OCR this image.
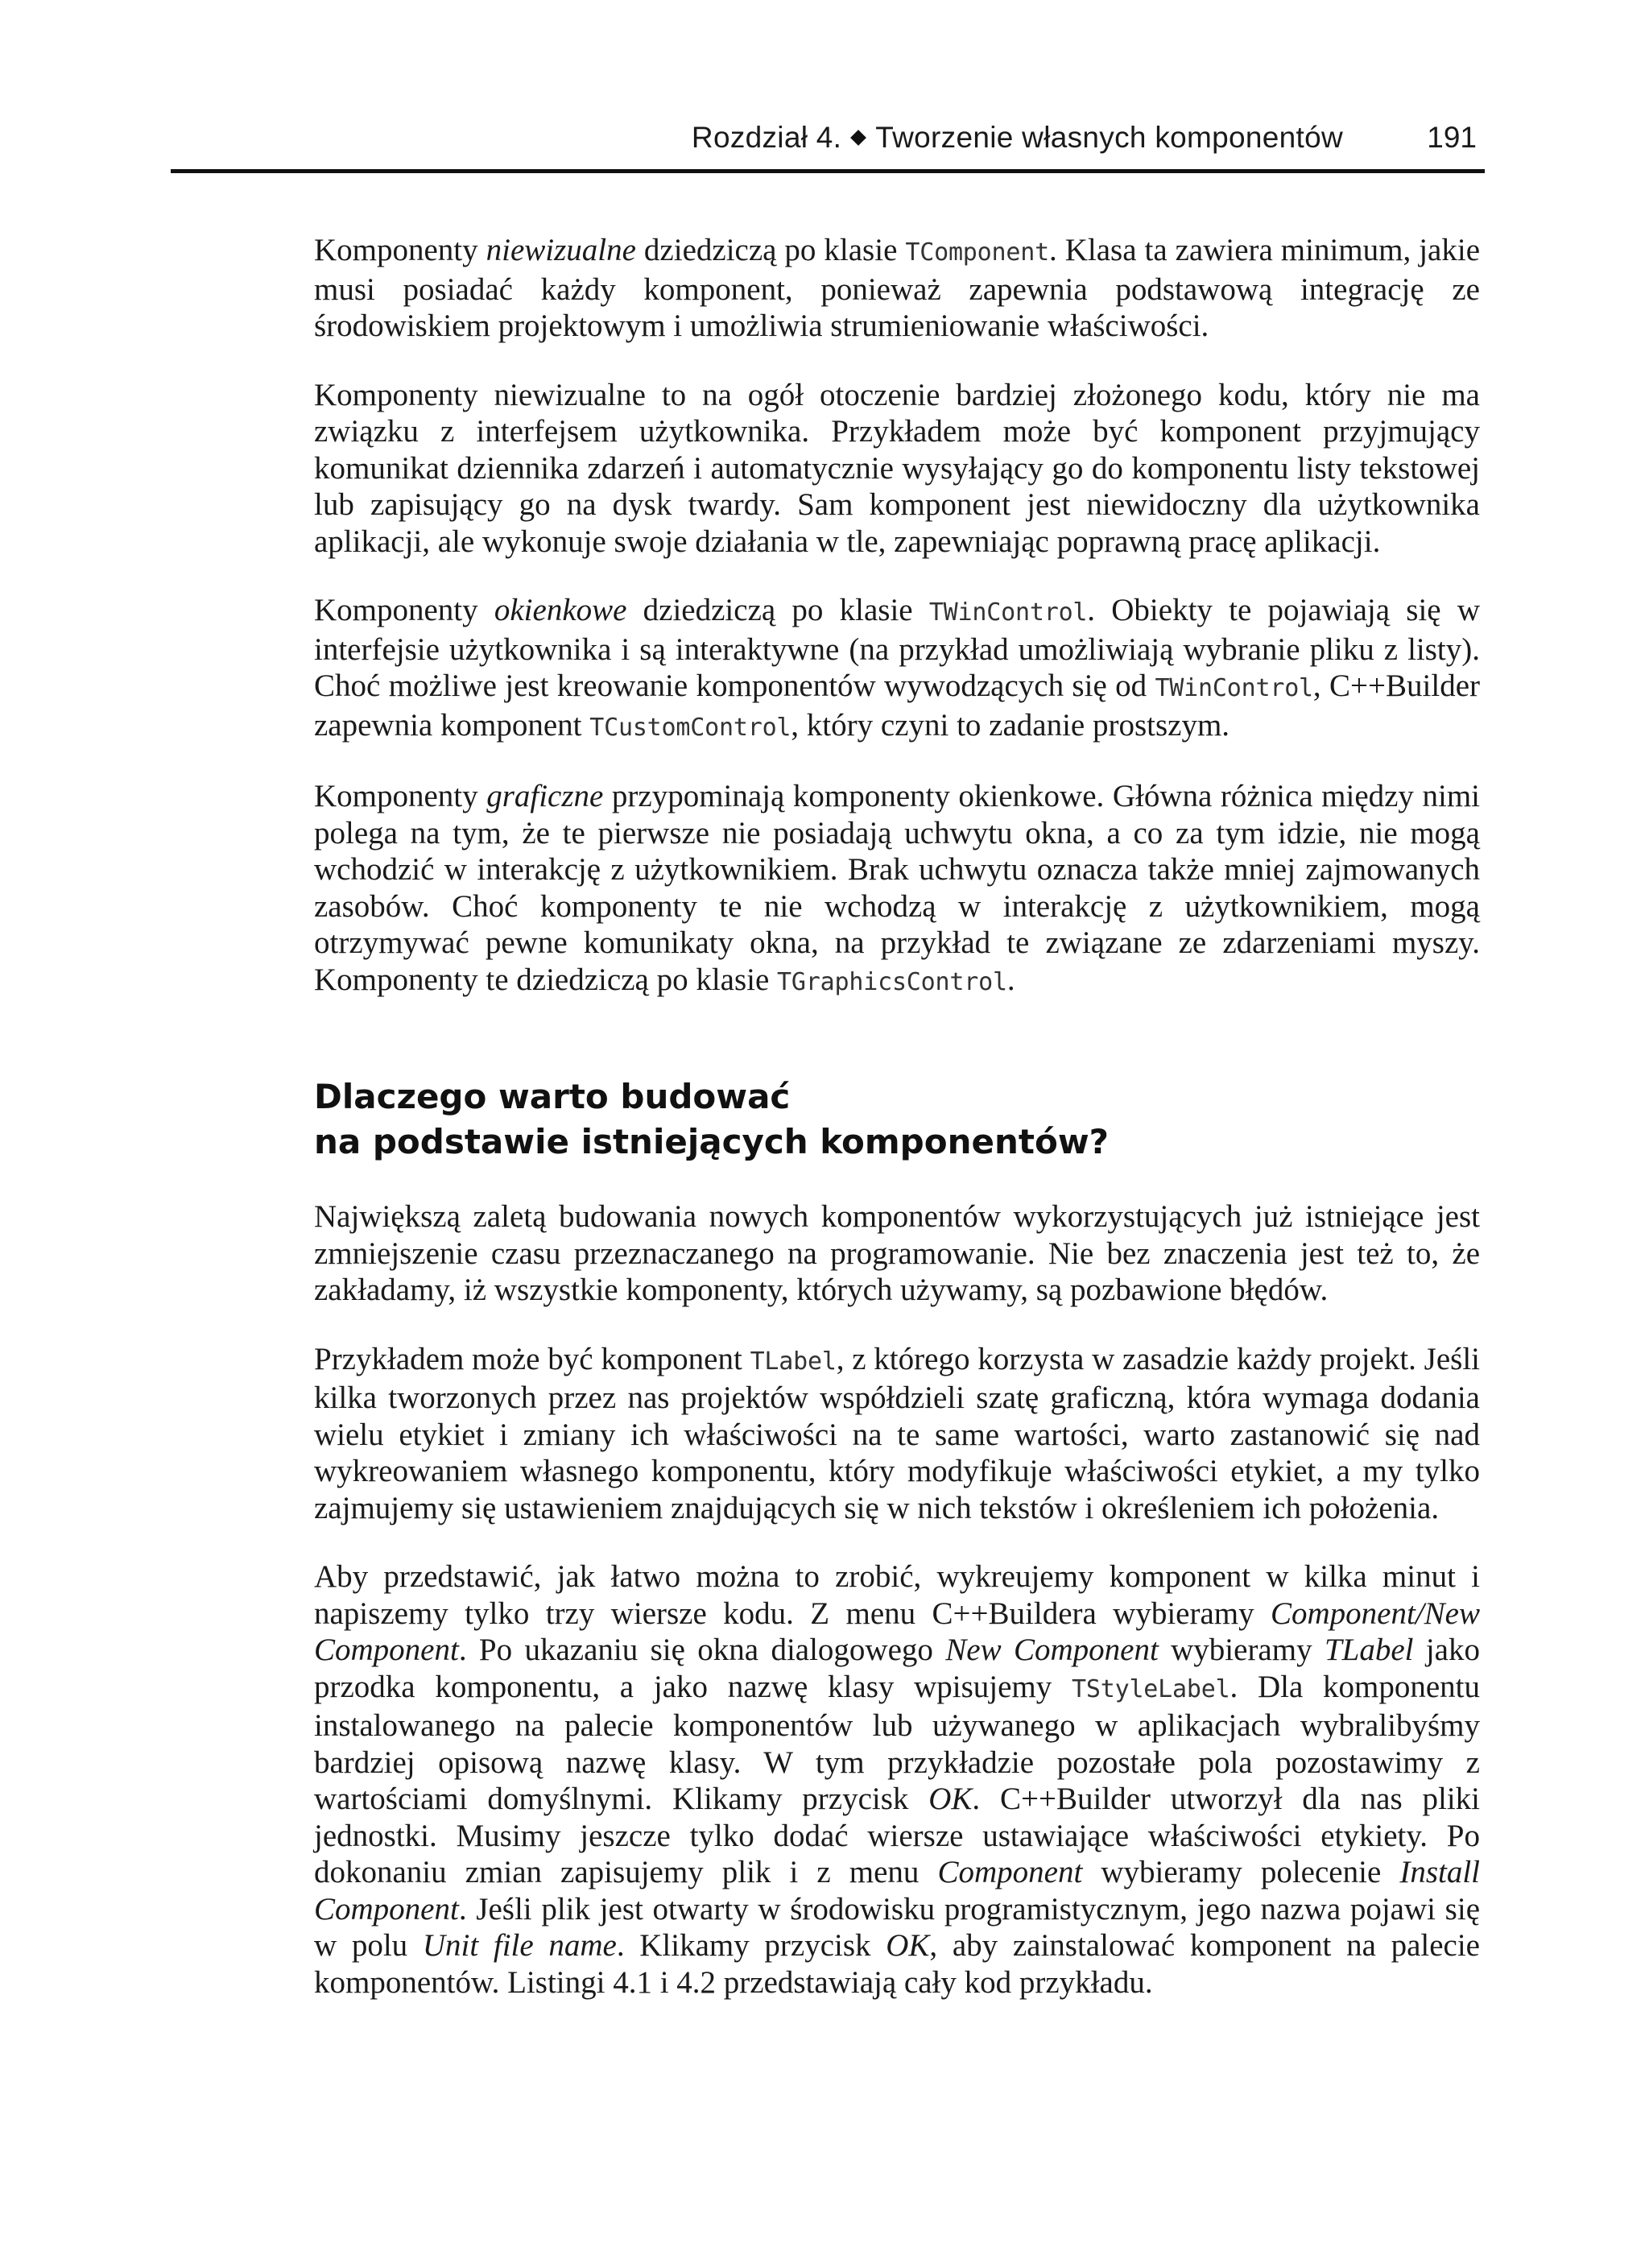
Rozdział 4. Tworzenie własnych komponentów	191

Komponenty niewizualne dziedziczą po klasie TComponent. Klasa ta zawiera minimum, jakie musi posiadać każdy komponent, ponieważ zapewnia podstawową integrację ze środowiskiem projektowym i umożliwia strumieniowanie właściwości.

Komponenty niewizualne to na ogół otoczenie bardziej złożonego kodu, który nie ma związku z interfejsem użytkownika. Przykładem może być komponent przyjmujący komunikat dziennika zdarzeń i automatycznie wysyłający go do komponentu listy tekstowej lub zapisujący go na dysk twardy. Sam komponent jest niewidoczny dla użytkownika aplikacji, ale wykonuje swoje działania w tle, zapewniając poprawną pracę aplikacji.

Komponenty okienkowe dziedziczą po klasie TWinControl. Obiekty te pojawiają się w interfejsie użytkownika i są interaktywne (na przykład umożliwiają wybranie pliku z listy). Choć możliwe jest kreowanie komponentów wywodzących się od TWinControl, C++Builder zapewnia komponent TCustomControl, który czyni to zadanie prostszym.

Komponenty graficzne przypominają komponenty okienkowe. Główna różnica między nimi polega na tym, że te pierwsze nie posiadają uchwytu okna, a co za tym idzie, nie mogą wchodzić w interakcję z użytkownikiem. Brak uchwytu oznacza także mniej zajmowanych zasobów. Choć komponenty te nie wchodzą w interakcję z użytkownikiem, mogą otrzymywać pewne komunikaty okna, na przykład te związane ze zdarzeniami myszy. Komponenty te dziedziczą po klasie TGraphicsControl.

Dlaczego warto budować
na podstawie istniejących komponentów?

Największą zaletą budowania nowych komponentów wykorzystujących już istniejące jest zmniejszenie czasu przeznaczanego na programowanie. Nie bez znaczenia jest też to, że zakładamy, iż wszystkie komponenty, których używamy, są pozbawione błędów.

Przykładem może być komponent TLabel, z którego korzysta w zasadzie każdy projekt. Jeśli kilka tworzonych przez nas projektów współdzieli szatę graficzną, która wymaga dodania wielu etykiet i zmiany ich właściwości na te same wartości, warto zastanowić się nad wykreowaniem własnego komponentu, który modyfikuje właściwości etykiet, a my tylko zajmujemy się ustawieniem znajdujących się w nich tekstów i określeniem ich położenia.

Aby przedstawić, jak łatwo można to zrobić, wykreujemy komponent w kilka minut i napiszemy tylko trzy wiersze kodu. Z menu C++Buildera wybieramy Component/New Component. Po ukazaniu się okna dialogowego New Component wybieramy TLabel jako przodka komponentu, a jako nazwę klasy wpisujemy TStyleLabel. Dla komponentu instalowanego na palecie komponentów lub używanego w aplikacjach wybralibyśmy bardziej opisową nazwę klasy. W tym przykładzie pozostałe pola pozostawimy z wartościami domyślnymi. Klikamy przycisk OK. C++Builder utworzył dla nas pliki jednostki. Musimy jeszcze tylko dodać wiersze ustawiające właściwości etykiety. Po dokonaniu zmian zapisujemy plik i z menu Component wybieramy polecenie Install Component. Jeśli plik jest otwarty w środowisku programistycznym, jego nazwa pojawi się w polu Unit file name. Klikamy przycisk OK, aby zainstalować komponent na palecie komponentów. Listingi 4.1 i 4.2 przedstawiają cały kod przykładu.
